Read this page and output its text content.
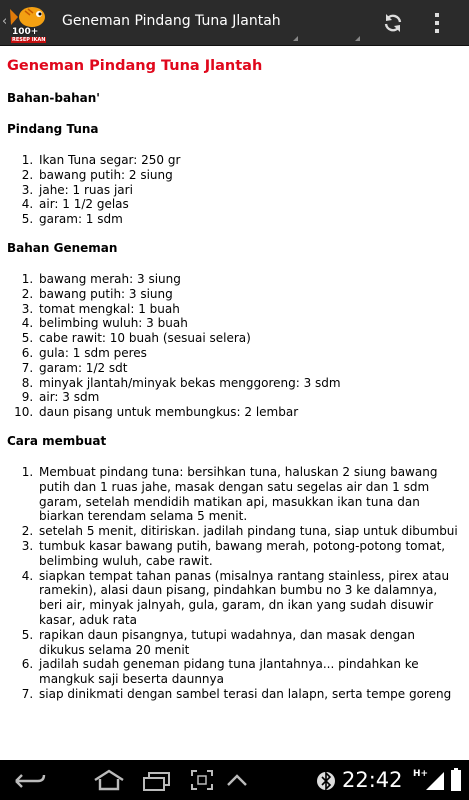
‹
100+
RESEP IKAN
Geneman Pindang Tuna Jlantah
Geneman Pindang Tuna Jlantah
Bahan-bahan'
Pindang Tuna
1. Ikan Tuna segar: 250 gr
2. bawang putih: 2 siung
3. jahe: 1 ruas jari
4. air: 1 1/2 gelas
5. garam: 1 sdm
Bahan Geneman
1. bawang merah: 3 siung
2. bawang putih: 3 siung
3. tomat mengkal: 1 buah
4. belimbing wuluh: 3 buah
5. cabe rawit: 10 buah (sesuai selera)
6. gula: 1 sdm peres
7. garam: 1/2 sdt
8. minyak jlantah/minyak bekas menggoreng: 3 sdm
9. air: 3 sdm
10. daun pisang untuk membungkus: 2 lembar
Cara membuat
1. Membuat pindang tuna: bersihkan tuna, haluskan 2 siung bawang putih dan 1 ruas jahe, masak dengan satu segelas air dan 1 sdm garam, setelah mendidih matikan api, masukkan ikan tuna dan biarkan terendam selama 5 menit.
2. setelah 5 menit, ditiriskan. jadilah pindang tuna, siap untuk dibumbui
3. tumbuk kasar bawang putih, bawang merah, potong-potong tomat, belimbing wuluh, cabe rawit.
4. siapkan tempat tahan panas (misalnya rantang stainless, pirex atau ramekin), alasi daun pisang, pindahkan bumbu no 3 ke dalamnya, beri air, minyak jalnyah, gula, garam, dn ikan yang sudah disuwir kasar, aduk rata
5. rapikan daun pisangnya, tutupi wadahnya, dan masak dengan dikukus selama 20 menit
6. jadilah sudah geneman pidang tuna jlantahnya... pindahkan ke mangkuk saji beserta daunnya
7. siap dinikmati dengan sambel terasi dan lalapn, serta tempe goreng
22:42 H+
